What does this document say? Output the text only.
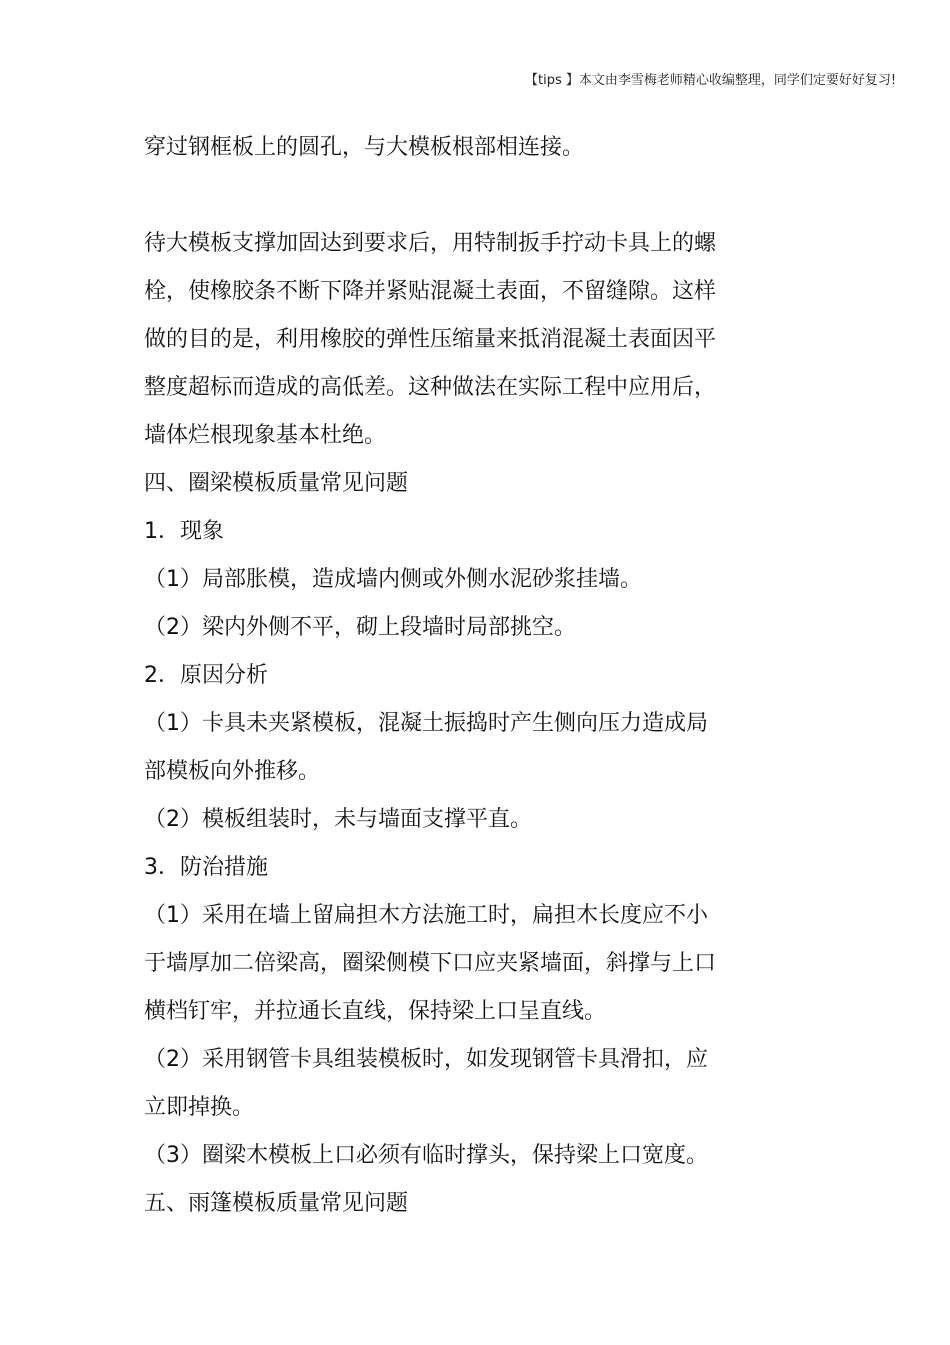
【tips 】本文由李雪梅老师精心收编整理，同学们定要好好复习!

穿过钢框板上的圆孔，与大模板根部相连接。

待大模板支撑加固达到要求后，用特制扳手拧动卡具上的螺

栓，使橡胶条不断下降并紧贴混凝土表面，不留缝隙。这样

做的目的是，利用橡胶的弹性压缩量来抵消混凝土表面因平

整度超标而造成的高低差。这种做法在实际工程中应用后，

墙体烂根现象基本杜绝。

四、圈梁模板质量常见问题

1．现象

（1）局部胀模，造成墙内侧或外侧水泥砂浆挂墙。

（2）梁内外侧不平，砌上段墙时局部挑空。

2．原因分析

（1）卡具未夹紧模板，混凝土振捣时产生侧向压力造成局

部模板向外推移。

（2）模板组装时，未与墙面支撑平直。

3．防治措施

（1）采用在墙上留扁担木方法施工时，扁担木长度应不小

于墙厚加二倍梁高，圈梁侧模下口应夹紧墙面，斜撑与上口

横档钉牢，并拉通长直线，保持梁上口呈直线。

（2）采用钢管卡具组装模板时，如发现钢管卡具滑扣，应

立即掉换。

（3）圈梁木模板上口必须有临时撑头，保持梁上口宽度。

五、雨篷模板质量常见问题
